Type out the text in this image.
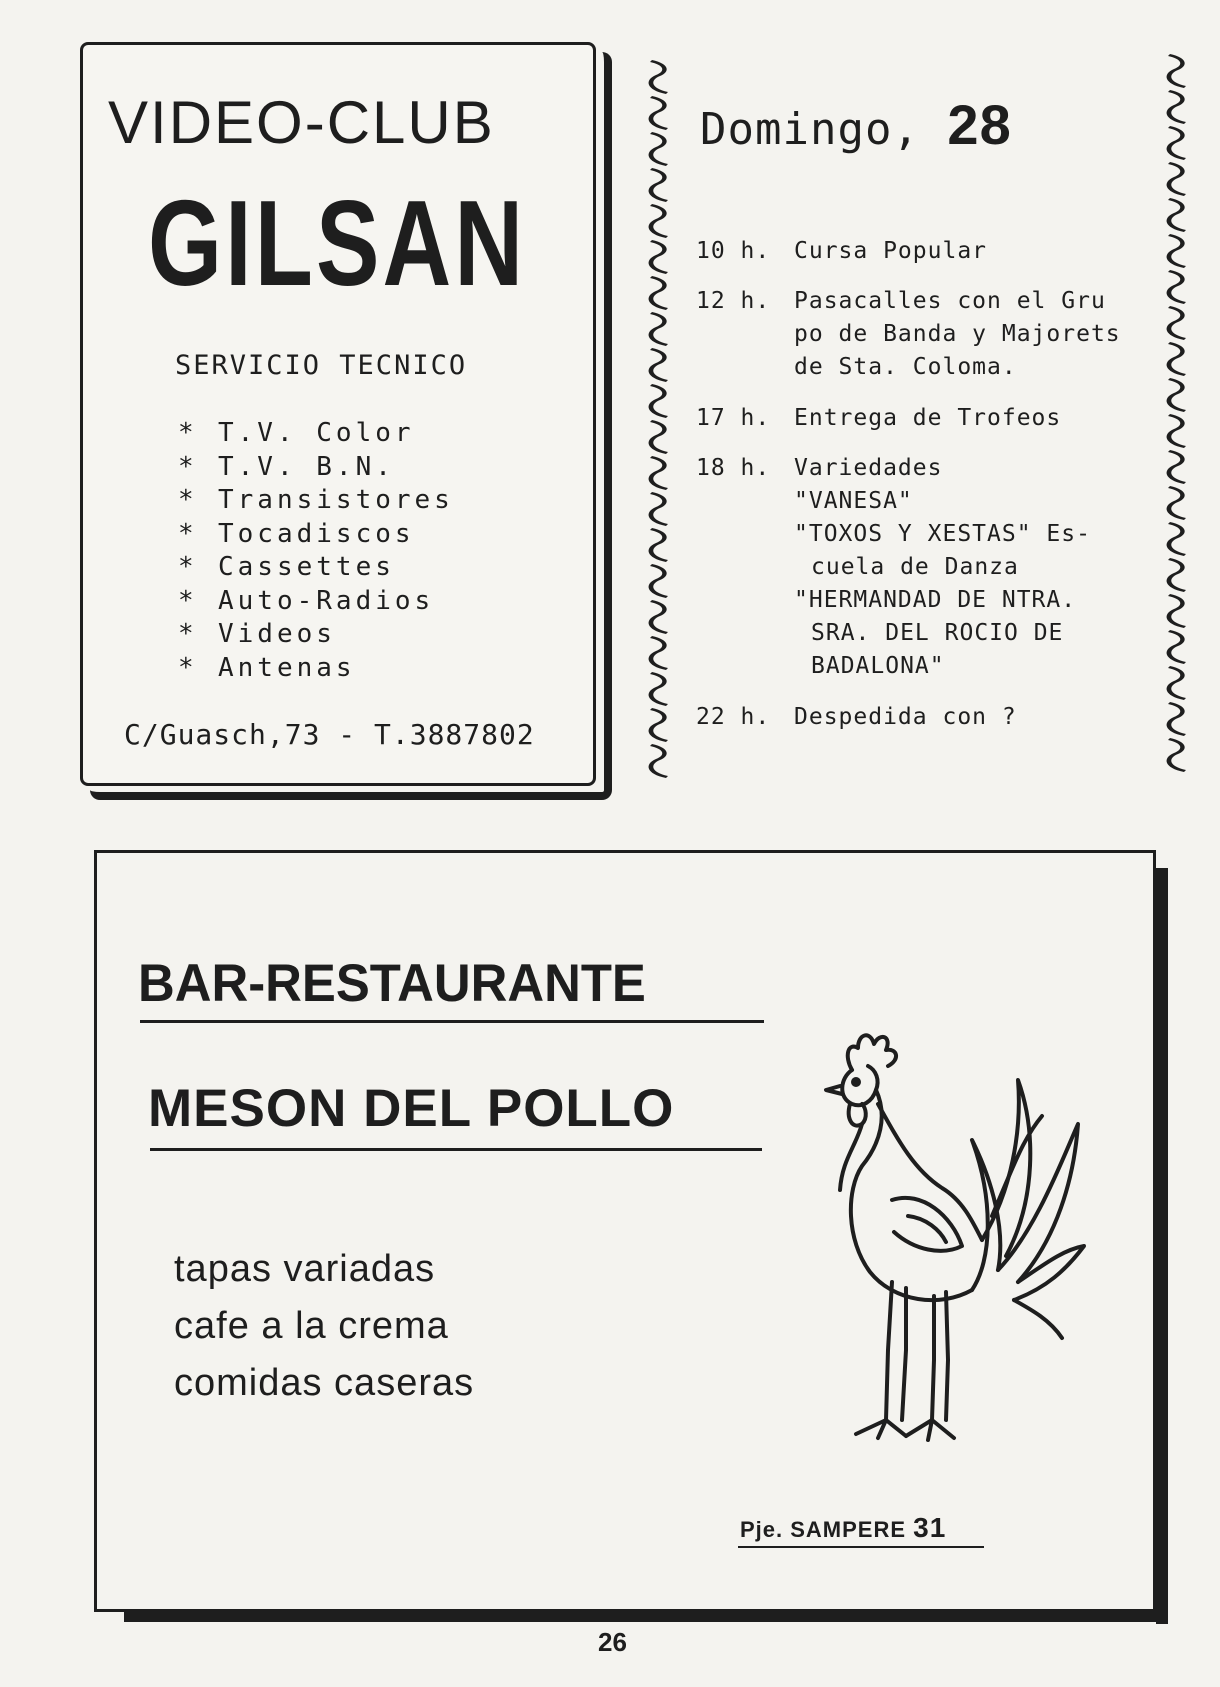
VIDEO-CLUB
GILSAN
SERVICIO TECNICO
* T.V. Color
* T.V. B.N.
* Transistores
* Tocadiscos
* Cassettes
* Auto-Radios
* Videos
* Antenas
C/Guasch,73 - T.3887802
Domingo, 28
10 h. Cursa Popular
12 h. Pasacalles con el Gru
po de Banda y Majorets
de Sta. Coloma.
17 h. Entrega de Trofeos
18 h. Variedades
"VANESA"
"TOXOS Y XESTAS" Es-
cuela de Danza
"HERMANDAD DE NTRA.
SRA. DEL ROCIO DE
BADALONA"
22 h. Despedida con ?
BAR-RESTAURANTE
MESON DEL POLLO
tapas variadas
cafe a la crema
comidas caseras
Pje. SAMPERE 31
26
